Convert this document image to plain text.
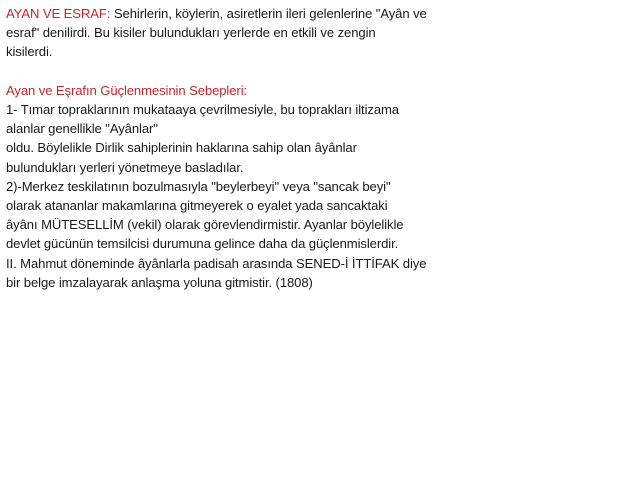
AYAN VE ESRAF: Sehirlerin, köylerin, asiretlerin ileri gelenlerine "Ayân ve
esraf" denilirdi. Bu kisiler bulundukları yerlerde en etkili ve zengin
kisilerdi.
Ayan ve Eşrafın Güçlenmesinin Sebepleri:
1- Tımar topraklarının mukataaya çevrilmesiyle, bu toprakları iltizama
alanlar genellikle "Ayânlar"
oldu. Böylelikle Dirlik sahiplerinin haklarına sahip olan âyânlar
bulundukları yerleri yönetmeye basladılar.
2)-Merkez teskilatının bozulmasıyla "beylerbeyi" veya "sancak beyi"
olarak atananlar makamlarına gitmeyerek o eyalet yada sancaktaki
âyânı MÜTESELLİM (vekil) olarak görevlendirmistir. Ayanlar böylelikle
devlet gücünün temsilcisi durumuna gelince daha da güçlenmislerdir.
II. Mahmut döneminde âyânlarla padisah arasında SENED-İ İTTİFAK diye
bir belge imzalayarak anlaşma yoluna gitmistir. (1808)
